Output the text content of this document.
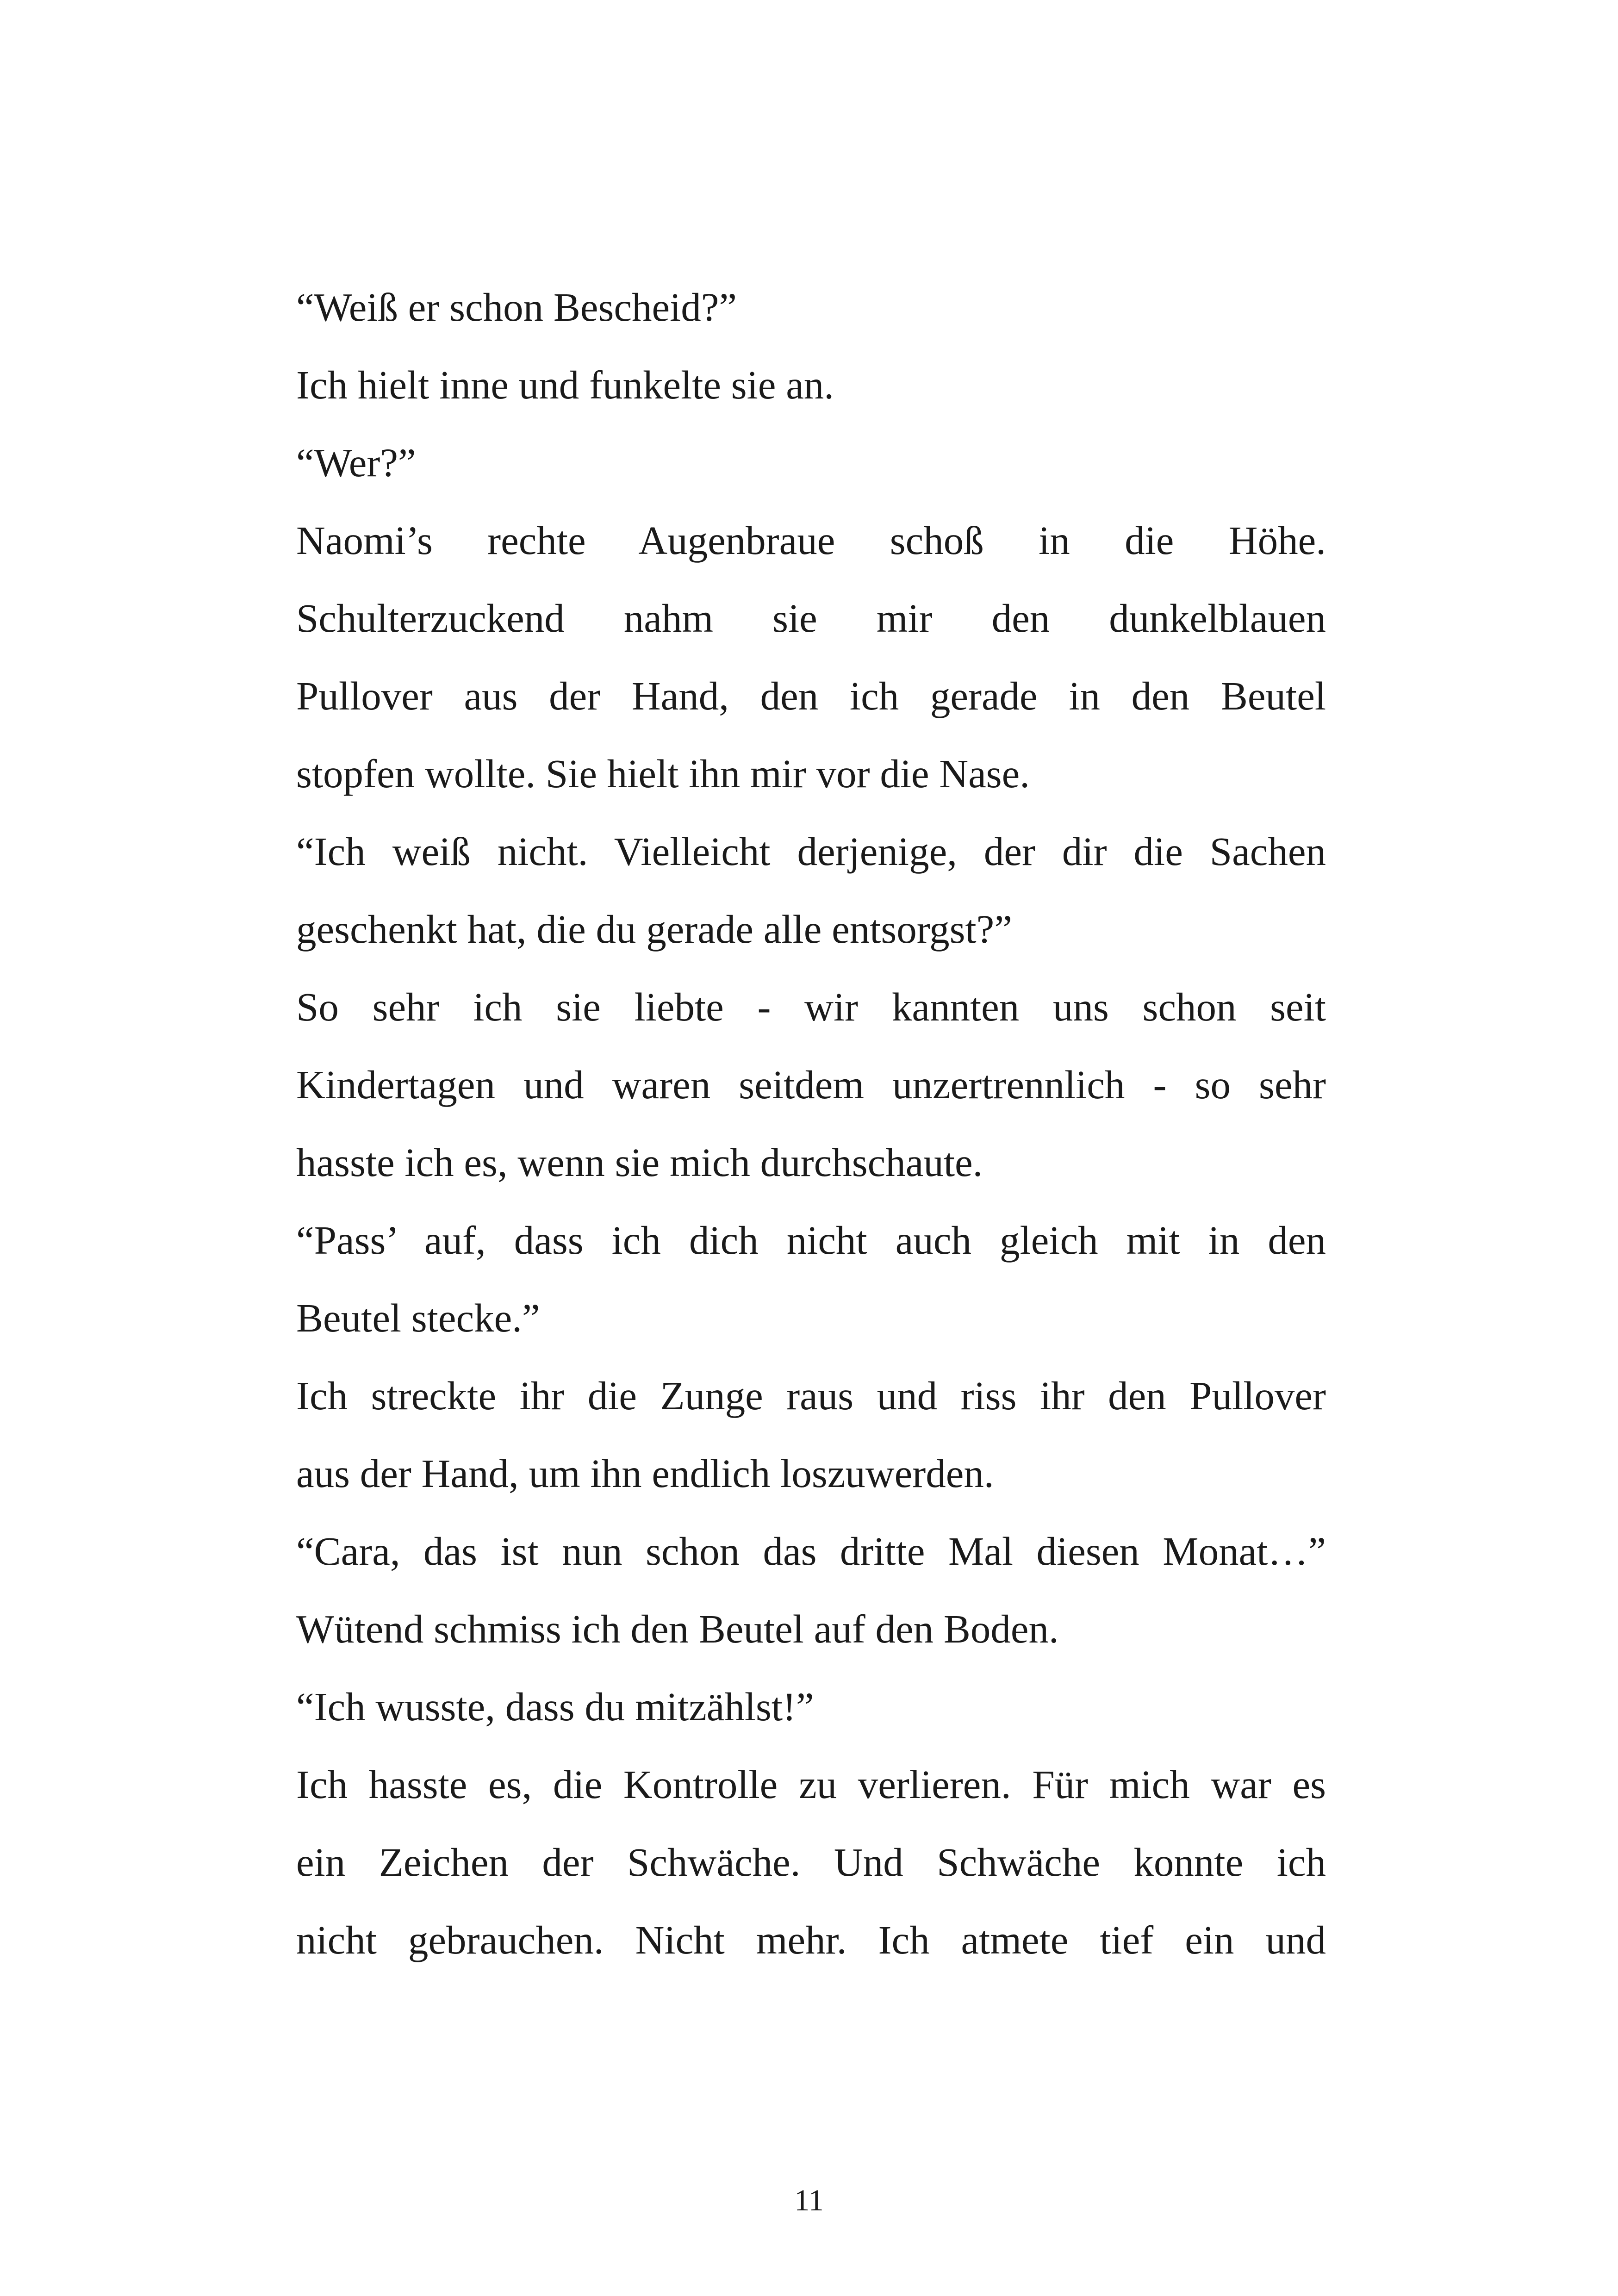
“Weiß er schon Bescheid?”
Ich hielt inne und funkelte sie an.
“Wer?”
Naomi’s rechte Augenbraue schoß in die Höhe.
Schulterzuckend nahm sie mir den dunkelblauen
Pullover aus der Hand, den ich gerade in den Beutel
stopfen wollte. Sie hielt ihn mir vor die Nase.
“Ich weiß nicht. Vielleicht derjenige, der dir die Sachen
geschenkt hat, die du gerade alle entsorgst?”
So sehr ich sie liebte - wir kannten uns schon seit
Kindertagen und waren seitdem unzertrennlich - so sehr
hasste ich es, wenn sie mich durchschaute.
“Pass’ auf, dass ich dich nicht auch gleich mit in den
Beutel stecke.”
Ich streckte ihr die Zunge raus und riss ihr den Pullover
aus der Hand, um ihn endlich loszuwerden.
“Cara, das ist nun schon das dritte Mal diesen Monat…”
Wütend schmiss ich den Beutel auf den Boden.
“Ich wusste, dass du mitzählst!”
Ich hasste es, die Kontrolle zu verlieren. Für mich war es
ein Zeichen der Schwäche. Und Schwäche konnte ich
nicht gebrauchen. Nicht mehr. Ich atmete tief ein und
11
